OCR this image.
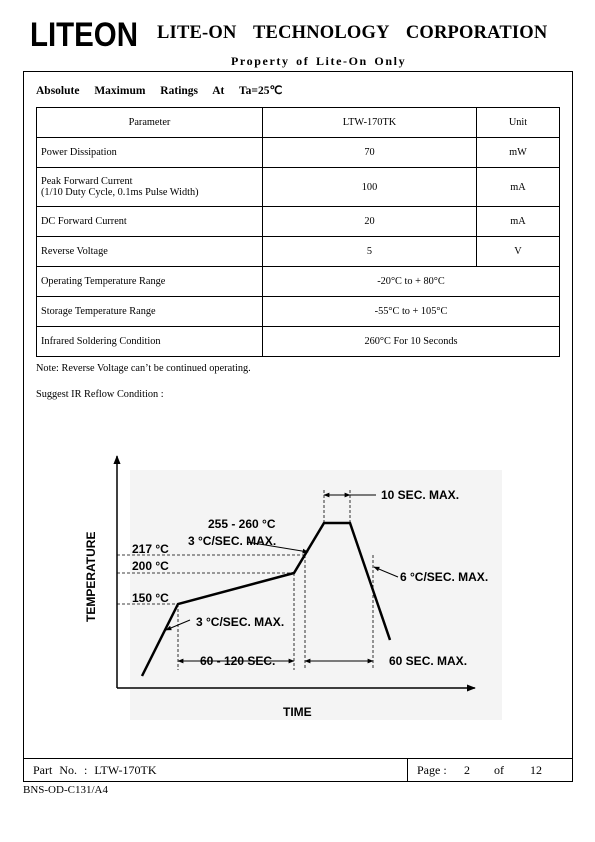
LITEON LITE-ON TECHNOLOGY CORPORATION
Property of Lite-On Only
Absolute Maximum Ratings At Ta=25℃
Parameter	LTW-170TK	Unit
Power Dissipation	70	mW
Peak Forward Current
(1/10 Duty Cycle, 0.1ms Pulse Width)	100	mA
DC Forward Current	20	mA
Reverse Voltage	5	V
Operating Temperature Range	-20°C to + 80°C	
Storage Temperature Range	-55°C to + 105°C	
Infrared Soldering Condition	260°C For 10 Seconds	
Note: Reverse Voltage can’t be continued operating.
Suggest IR Reflow Condition :
TEMPERATURE
TIME
217 °C
200 °C
150 °C
255 - 260 °C
3 °C/SEC. MAX.
3 °C/SEC. MAX.
6 °C/SEC. MAX.
10 SEC. MAX.
60 - 120 SEC.	60 SEC. MAX.
Part No. : LTW-170TK	Page : 2 of 12
BNS-OD-C131/A4
